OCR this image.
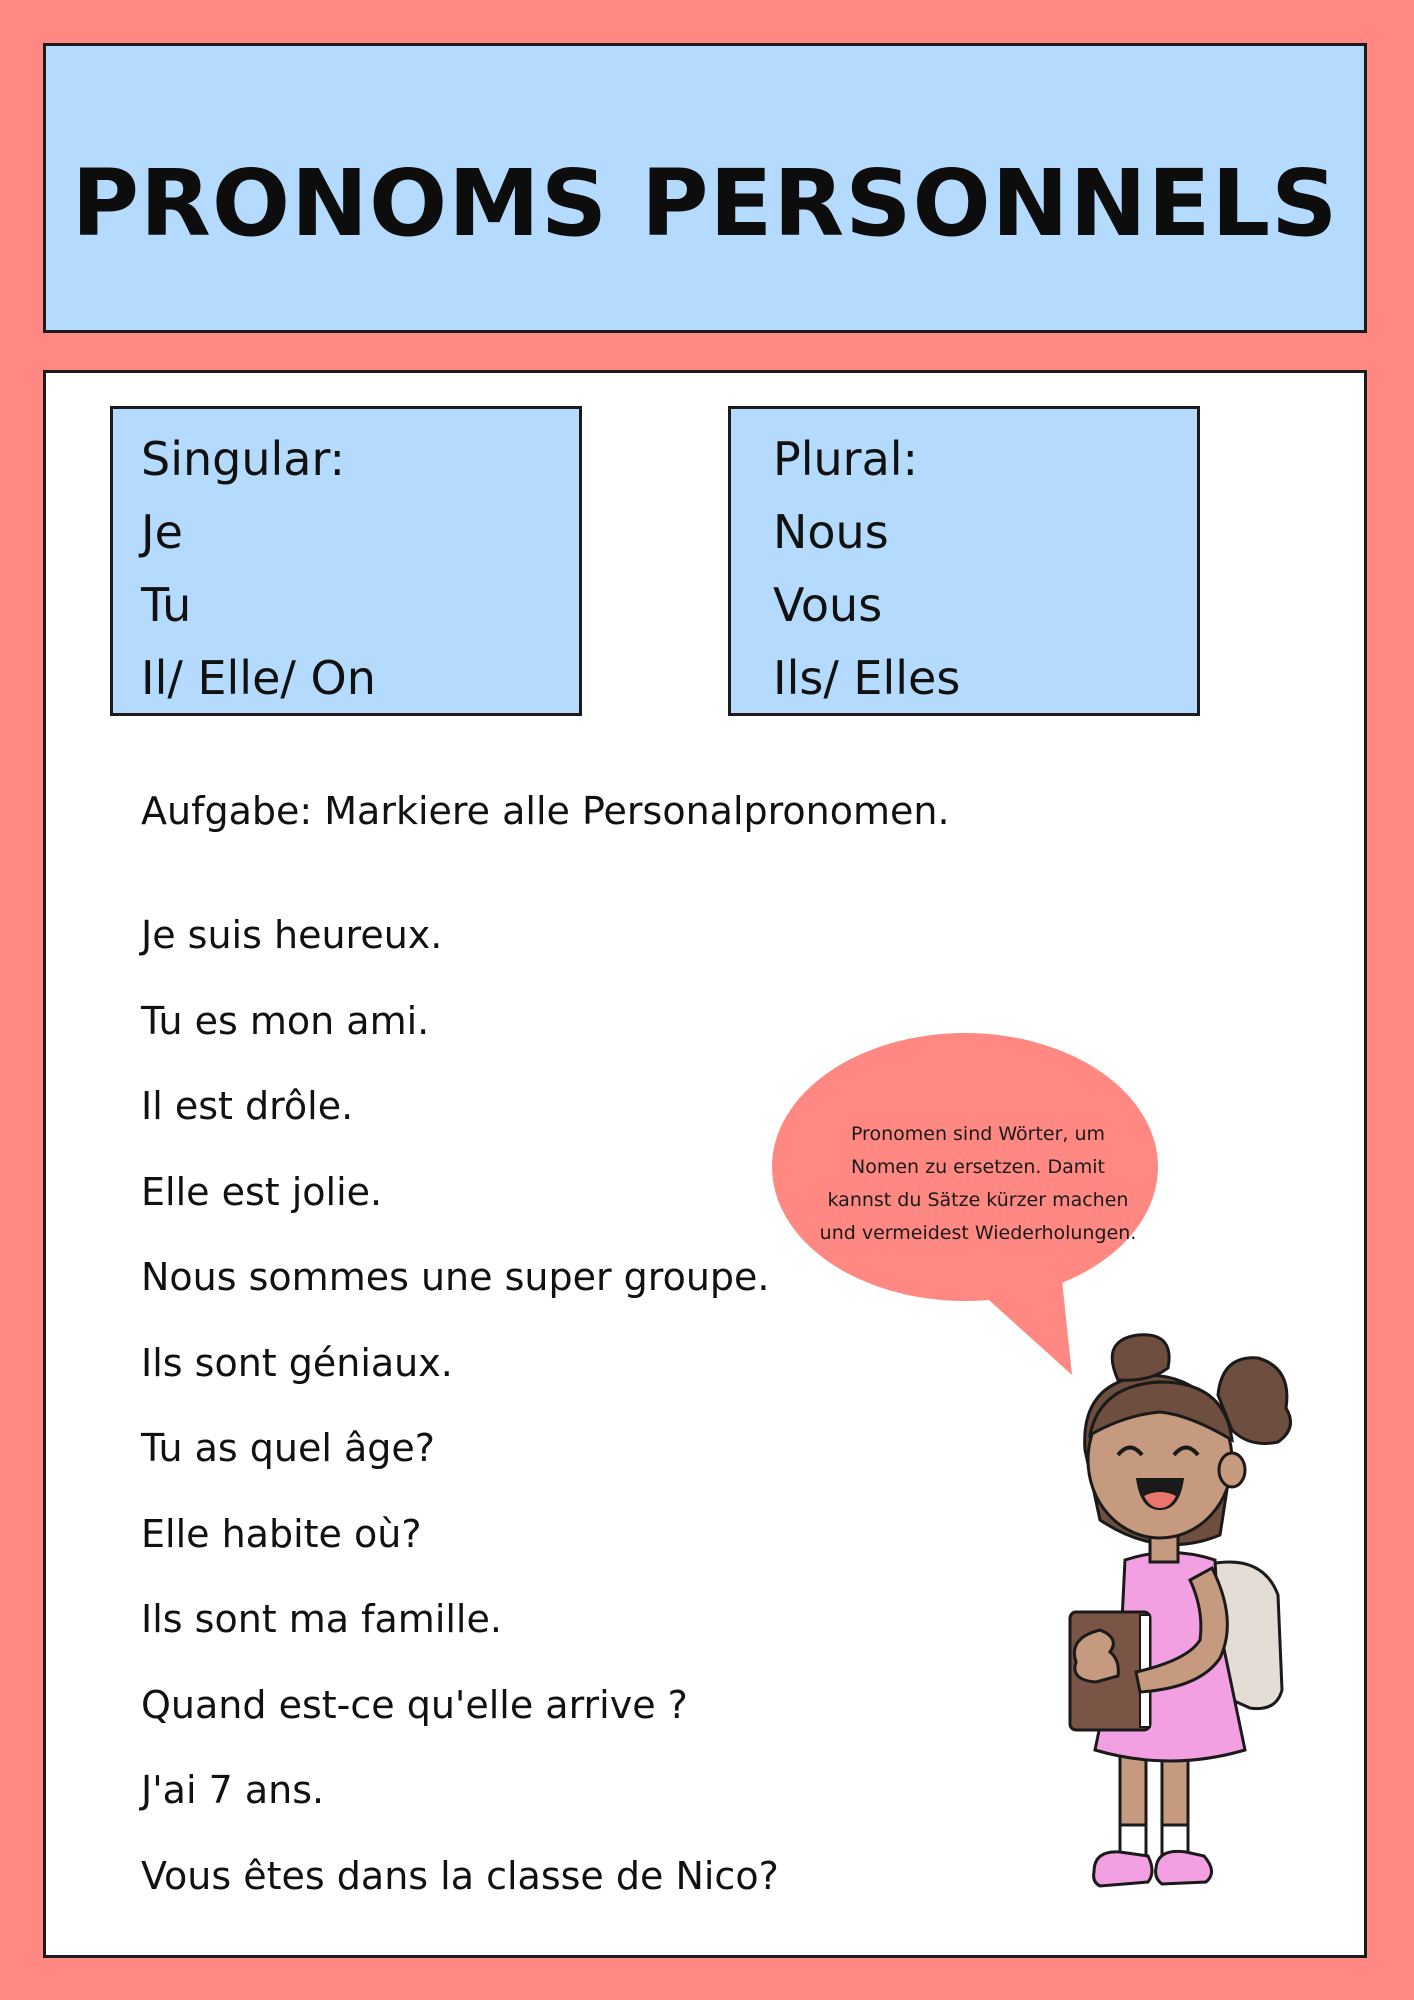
PRONOMS PERSONNELS
Singular:
Je
Tu
Il/ Elle/ On
Plural:
Nous
Vous
Ils/ Elles
Aufgabe: Markiere alle Personalpronomen.
Je suis heureux.
Tu es mon ami.
Il est drôle.
Elle est jolie.
Nous sommes une super groupe.
Ils sont géniaux.
Tu as quel âge?
Elle habite où?
Ils sont ma famille.
Quand est-ce qu'elle arrive ?
J'ai 7 ans.
Vous êtes dans la classe de Nico?
Pronomen sind Wörter, um Nomen zu ersetzen. Damit kannst du Sätze kürzer machen und vermeidest Wiederholungen.
